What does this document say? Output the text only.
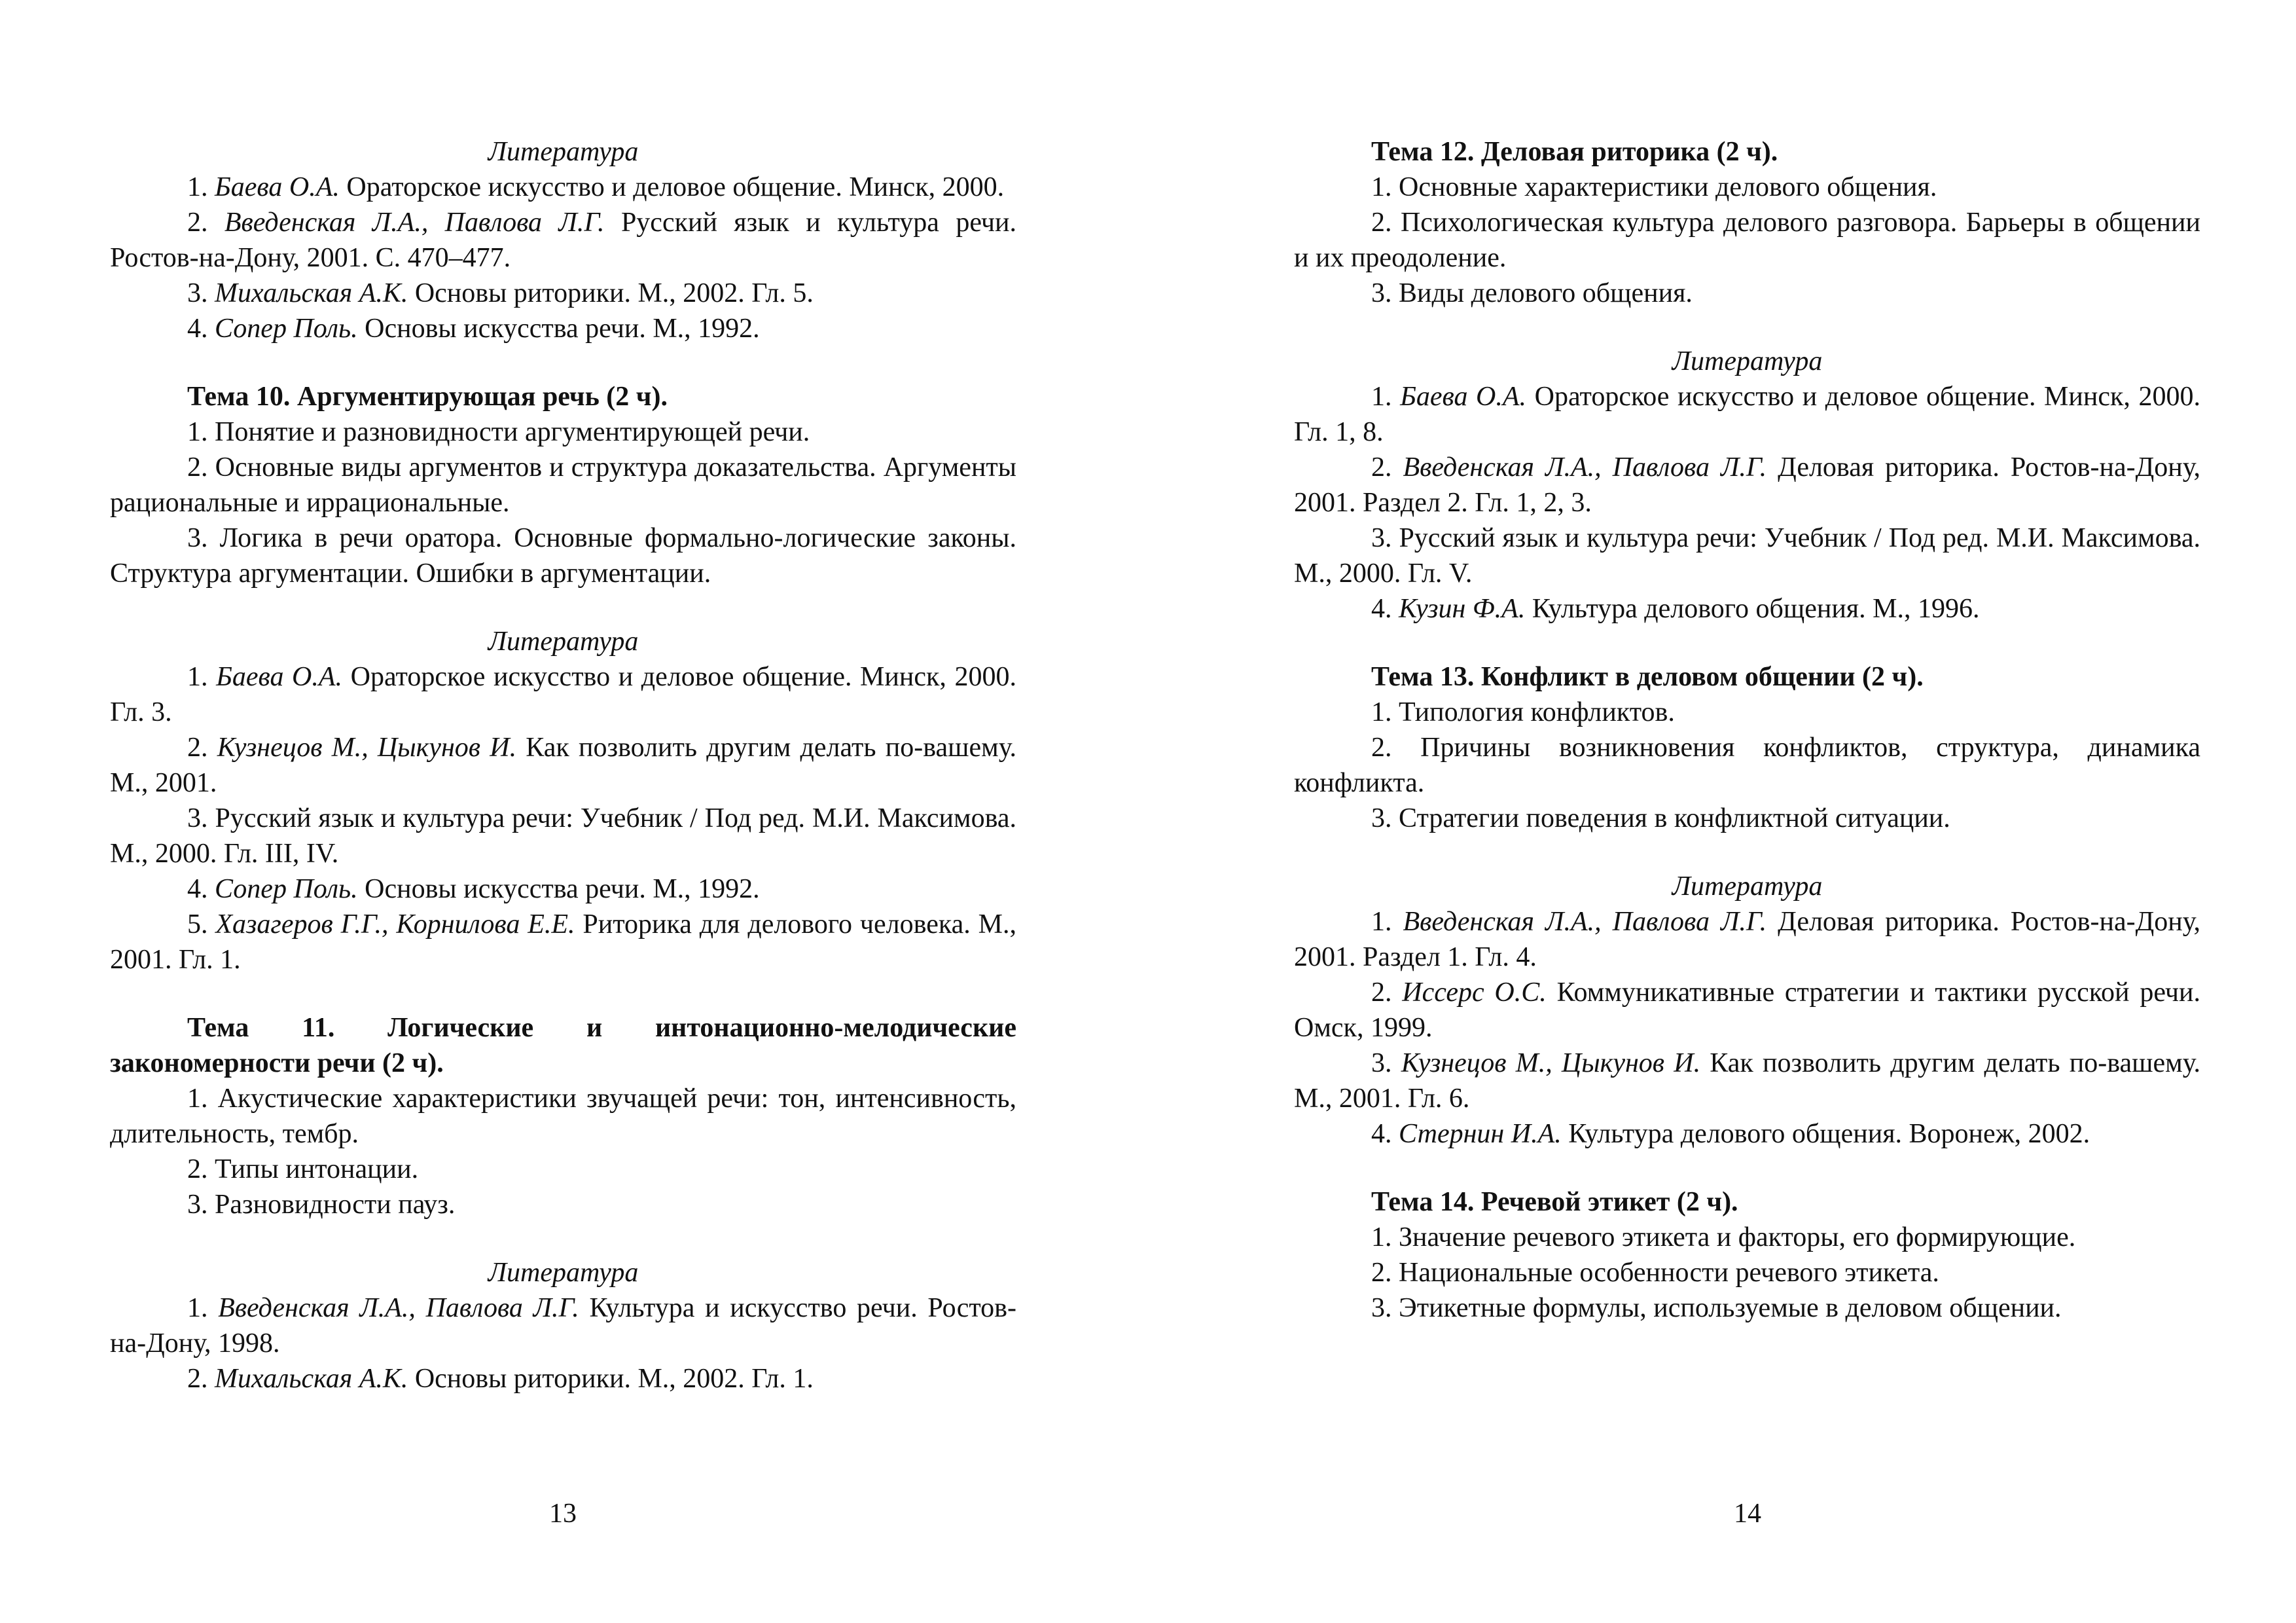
Литература

1. Баева О.А. Ораторское искусство и деловое общение. Минск, 2000.

2. Введенская Л.А., Павлова Л.Г. Русский язык и культура речи. Ростов-на-Дону, 2001. С. 470–477.

3. Михальская А.К. Основы риторики. М., 2002. Гл. 5.

4. Сопер Поль. Основы искусства речи. М., 1992.

Тема 10. Аргументирующая речь (2 ч).

1. Понятие и разновидности аргументирующей речи.

2. Основные виды аргументов и структура доказательства. Аргументы рациональные и иррациональные.

3. Логика в речи оратора. Основные формально-логические законы. Структура аргументации. Ошибки в аргументации.

Литература

1. Баева О.А. Ораторское искусство и деловое общение. Минск, 2000. Гл. 3.

2. Кузнецов М., Цыкунов И. Как позволить другим делать по-вашему. М., 2001.

3. Русский язык и культура речи: Учебник / Под ред. М.И. Максимова. М., 2000. Гл. III, IV.

4. Сопер Поль. Основы искусства речи. М., 1992.

5. Хазагеров Г.Г., Корнилова Е.Е. Риторика для делового человека. М., 2001. Гл. 1.

Тема 11. Логические и интонационно-мелодические закономерности речи (2 ч).

1. Акустические характеристики звучащей речи: тон, интенсивность, длительность, тембр.

2. Типы интонации.

3. Разновидности пауз.

Литература

1. Введенская Л.А., Павлова Л.Г. Культура и искусство речи. Ростов-на-Дону, 1998.

2. Михальская А.К. Основы риторики. М., 2002. Гл. 1.

13

Тема 12. Деловая риторика (2 ч).

1. Основные характеристики делового общения.

2. Психологическая культура делового разговора. Барьеры в общении и их преодоление.

3. Виды делового общения.

Литература

1. Баева О.А. Ораторское искусство и деловое общение. Минск, 2000. Гл. 1, 8.

2. Введенская Л.А., Павлова Л.Г. Деловая риторика. Ростов-на-Дону, 2001. Раздел 2. Гл. 1, 2, 3.

3. Русский язык и культура речи: Учебник / Под ред. М.И. Максимова. М., 2000. Гл. V.

4. Кузин Ф.А. Культура делового общения. М., 1996.

Тема 13. Конфликт в деловом общении (2 ч).

1. Типология конфликтов.

2. Причины возникновения конфликтов, структура, динамика конфликта.

3. Стратегии поведения в конфликтной ситуации.

Литература

1. Введенская Л.А., Павлова Л.Г. Деловая риторика. Ростов-на-Дону, 2001. Раздел 1. Гл. 4.

2. Иссерс О.С. Коммуникативные стратегии и тактики русской речи. Омск, 1999.

3. Кузнецов М., Цыкунов И. Как позволить другим делать по-вашему. М., 2001. Гл. 6.

4. Стернин И.А. Культура делового общения. Воронеж, 2002.

Тема 14. Речевой этикет (2 ч).

1. Значение речевого этикета и факторы, его формирующие.

2. Национальные особенности речевого этикета.

3. Этикетные формулы, используемые в деловом общении.

14
